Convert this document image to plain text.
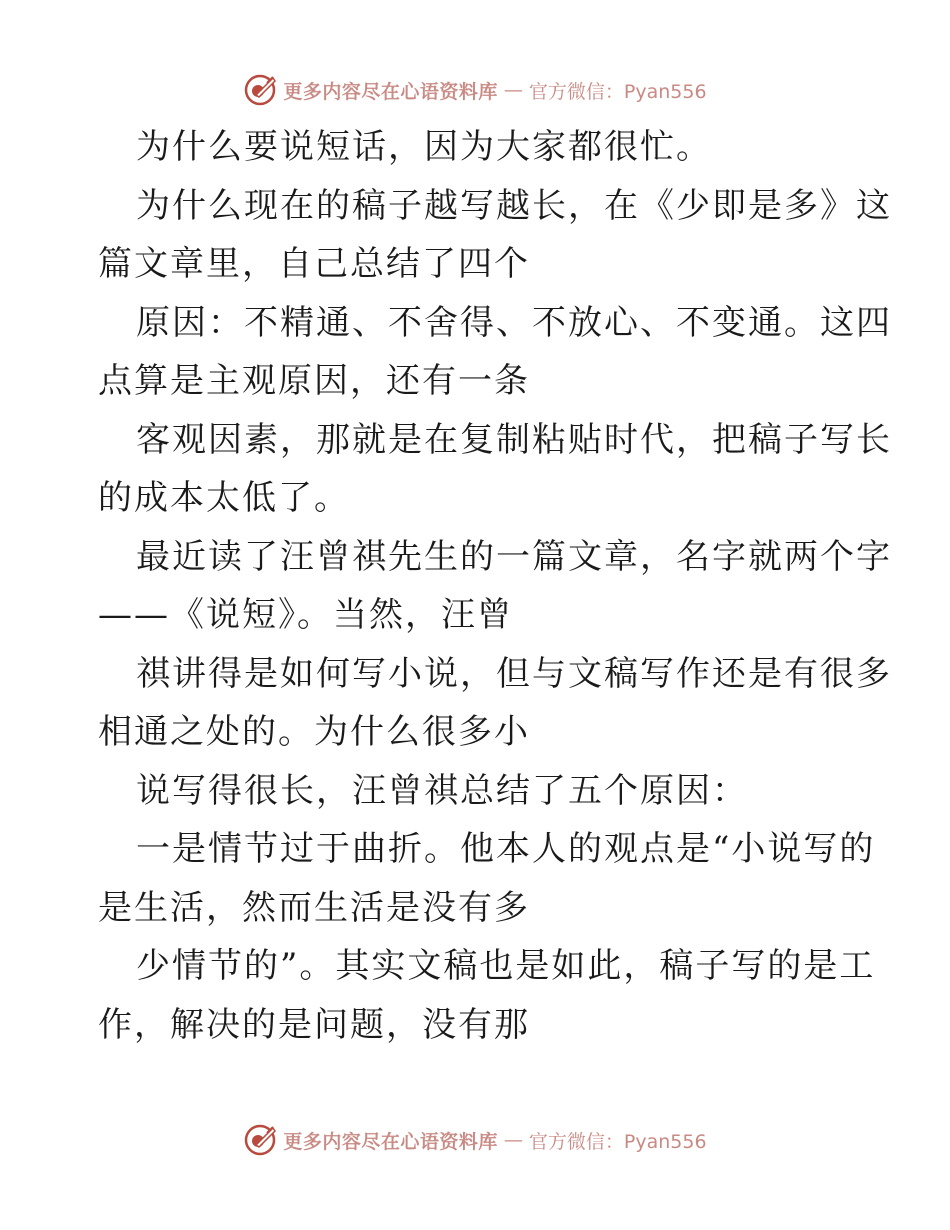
更多内容尽在心语资料库 — 官方微信：Pyan556
为什么要说短话，因为大家都很忙。
为什么现在的稿子越写越长，在《少即是多》这
篇文章里，自己总结了四个
原因：不精通、不舍得、不放心、不变通。这四
点算是主观原因，还有一条
客观因素，那就是在复制粘贴时代，把稿子写长
的成本太低了。
最近读了汪曾祺先生的一篇文章，名字就两个字
——《说短》。当然，汪曾
祺讲得是如何写小说，但与文稿写作还是有很多
相通之处的。为什么很多小
说写得很长，汪曾祺总结了五个原因：
一是情节过于曲折。他本人的观点是“小说写的
是生活，然而生活是没有多
少情节的”。其实文稿也是如此，稿子写的是工
作，解决的是问题，没有那
更多内容尽在心语资料库 — 官方微信：Pyan556
